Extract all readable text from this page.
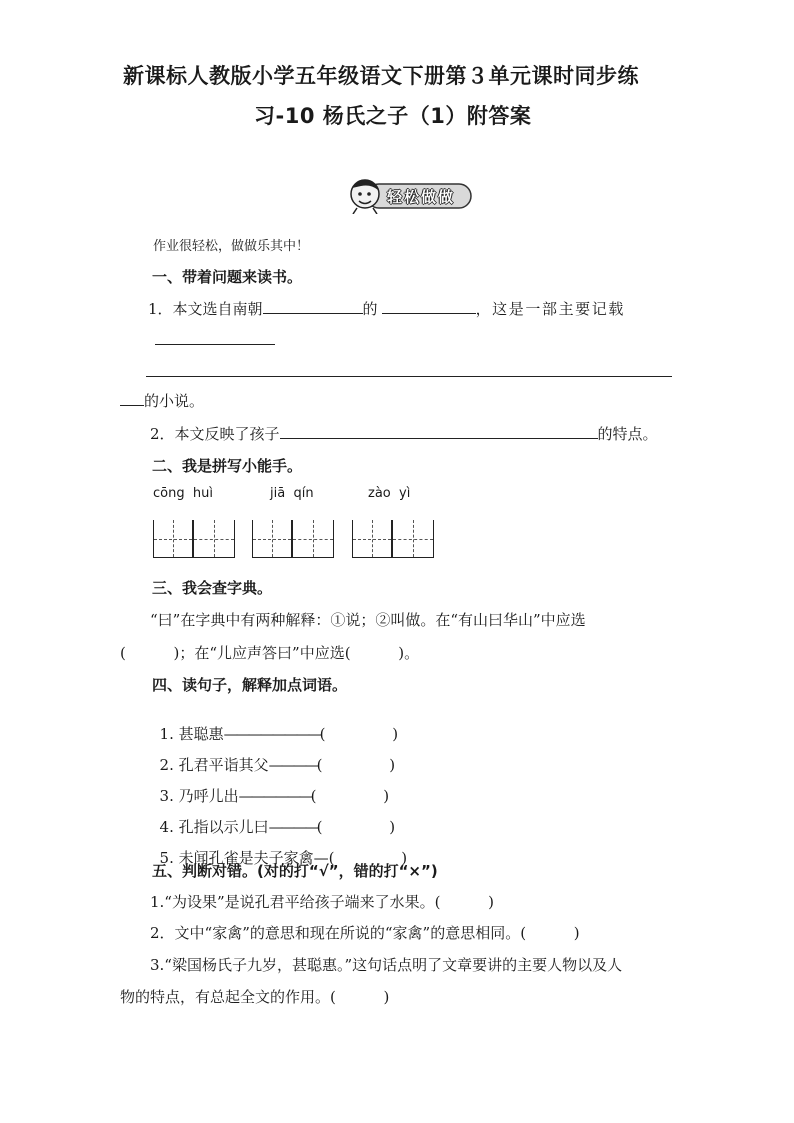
新课标人教版小学五年级语文下册第３单元课时同步练
习-10 杨氏之子（1）附答案
轻松做做
作业很轻松，做做乐其中！
一、带着问题来读书。
1．本文选自南朝	的	，这是一部主要记载
的小说。
2．本文反映了孩子	的特点。
二、我是拼写小能手。
cōng  huì	jiā  qín	zào  yì
三、我会查字典。
“曰”在字典中有两种解释：①说；②叫做。在“有山曰华山”中应选
(          )；在“儿应声答曰”中应选(          )。
四、读句子，解释加点词语。

1. 甚聪惠————————(              )

2. 孔君平诣其父————(              )

3. 乃呼儿出——————(              )

4. 孔指以示儿曰————(              )

5. 未闻孔雀是夫子家禽—(              )

五、判断对错。(对的打“√”，错的打“×”)
1.“为设果”是说孔君平给孩子端来了水果。(          )
2．文中“家禽”的意思和现在所说的“家禽”的意思相同。(          )
3.“梁国杨氏子九岁，甚聪惠。”这句话点明了文章要讲的主要人物以及人
物的特点，有总起全文的作用。(          )
